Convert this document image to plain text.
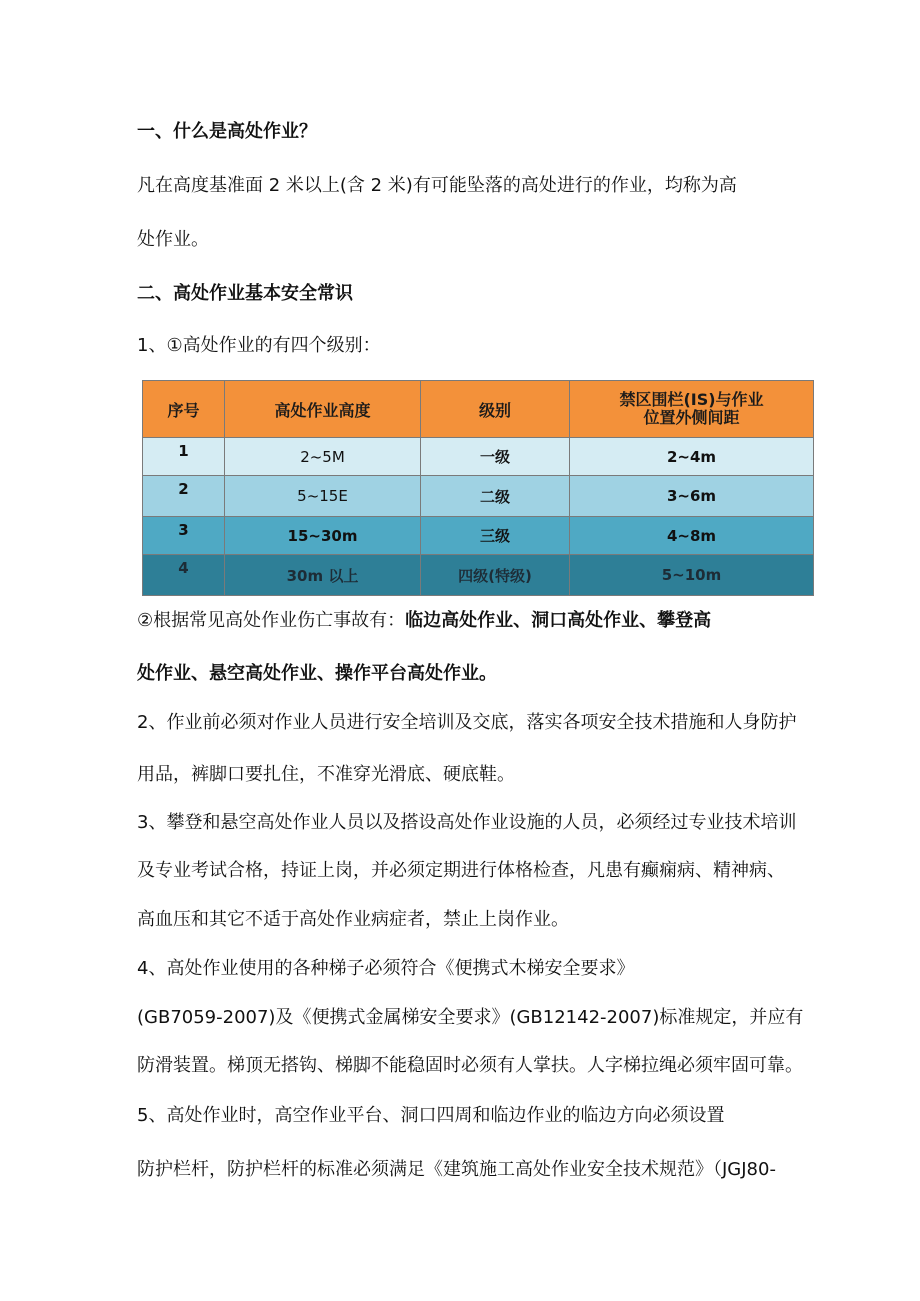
一、什么是高处作业？
凡在高度基准面 2 米以上(含 2 米)有可能坠落的高处进行的作业，均称为高
处作业。
二、高处作业基本安全常识
1、①高处作业的有四个级别：
序号	高处作业高度	级别	禁区围栏(IS)与作业
位置外侧间距

1	2~5M	一级	2~4m
2	5~15E	二级	3~6m
3	15~30m	三级	4~8m
4	30m 以上	四级(特级)	5~10m
②根据常见高处作业伤亡事故有：临边高处作业、洞口高处作业、攀登高
处作业、悬空高处作业、操作平台高处作业。
2、作业前必须对作业人员进行安全培训及交底，落实各项安全技术措施和人身防护
用品，裤脚口要扎住，不准穿光滑底、硬底鞋。
3、攀登和悬空高处作业人员以及搭设高处作业设施的人员，必须经过专业技术培训
及专业考试合格，持证上岗，并必须定期进行体格检查，凡患有癫痫病、精神病、
高血压和其它不适于高处作业病症者，禁止上岗作业。
4、高处作业使用的各种梯子必须符合《便携式木梯安全要求》
(GB7059-2007)及《便携式金属梯安全要求》(GB12142-2007)标准规定，并应有
防滑装置。梯顶无搭钩、梯脚不能稳固时必须有人掌扶。人字梯拉绳必须牢固可靠。
5、高处作业时，高空作业平台、洞口四周和临边作业的临边方向必须设置
防护栏杆，防护栏杆的标准必须满足《建筑施工高处作业安全技术规范》（JGJ80-
